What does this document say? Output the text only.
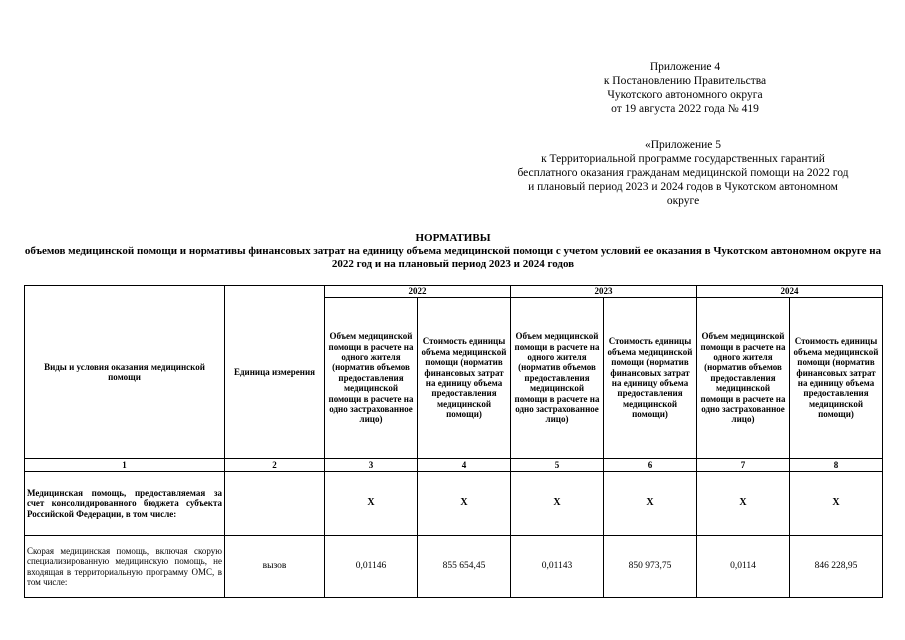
Приложение 4
к Постановлению Правительства
Чукотского автономного округа
от 19 августа 2022 года № 419
«Приложение 5
к Территориальной программе государственных гарантий
бесплатного оказания гражданам медицинской помощи на 2022 год
и плановый период 2023 и 2024 годов в Чукотском автономном
округе
НОРМАТИВЫ
объемов медицинской помощи и нормативы финансовых затрат на единицу объема медицинской помощи с учетом условий ее оказания в Чукотском автономном округе на 2022 год и на плановый период 2023 и 2024 годов
Виды и условия оказания медицинской помощи	Единица измерения	2022		2023		2024	
		Объем медицинской помощи в расчете на одного жителя (норматив объемов предоставления медицинской помощи в расчете на одно застрахованное лицо)	Стоимость единицы объема медицинской помощи (норматив финансовых затрат на единицу объема предоставления медицинской помощи)	Объем медицинской помощи в расчете на одного жителя (норматив объемов предоставления медицинской помощи в расчете на одно застрахованное лицо)	Стоимость единицы объема медицинской помощи (норматив финансовых затрат на единицу объема предоставления медицинской помощи)	Объем медицинской помощи в расчете на одного жителя (норматив объемов предоставления медицинской помощи в расчете на одно застрахованное лицо)	Стоимость единицы объема медицинской помощи (норматив финансовых затрат на единицу объема предоставления медицинской помощи)
1	2	3	4	5	6	7	8
Медицинская помощь, предоставляемая за счет консолидированного бюджета субъекта Российской Федерации, в том числе:		Х	Х	Х	Х	Х	Х
Скорая медицинская помощь, включая скорую специализированную медицинскую помощь, не входящая в территориальную программу ОМС, в том числе:	вызов	0,01146	855 654,45	0,01143	850 973,75	0,0114	846 228,95
